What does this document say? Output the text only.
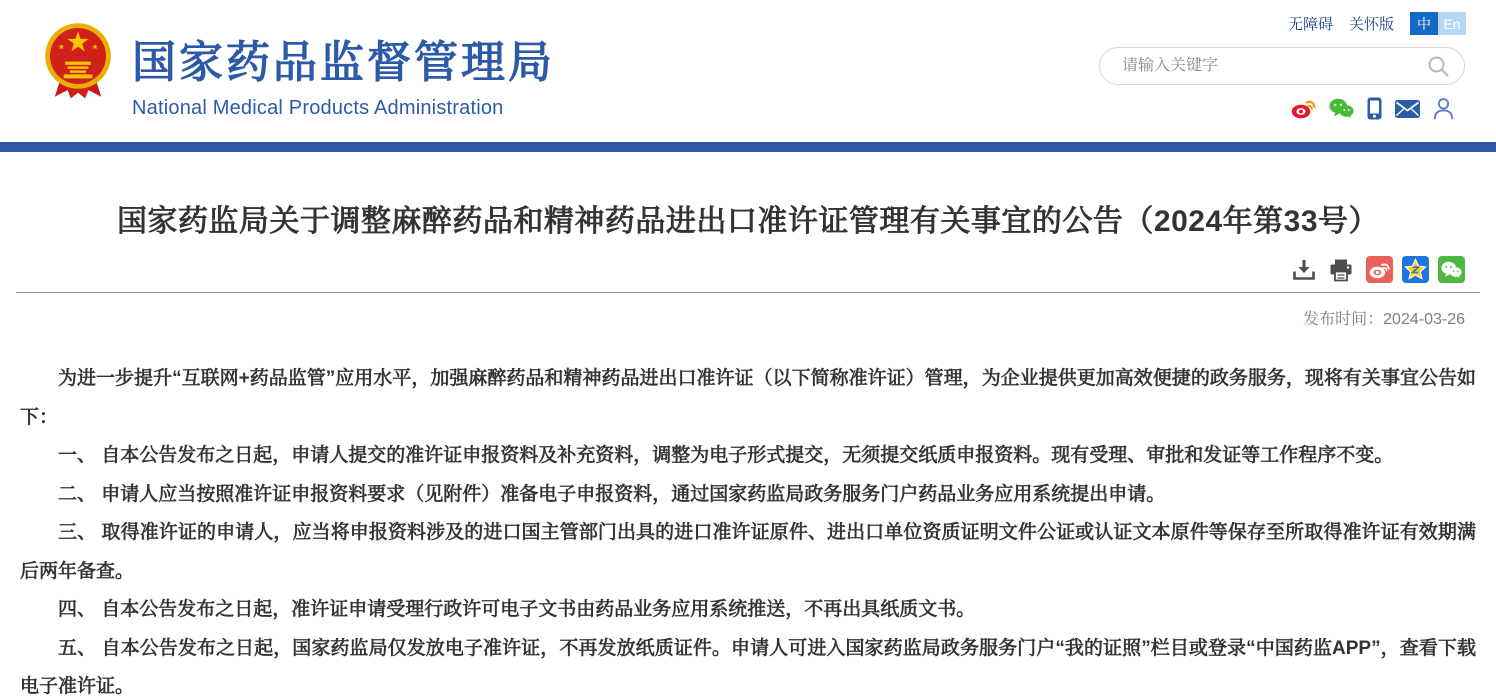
国家药品监督管理局
National Medical Products Administration
无障碍 关怀版	中 En
请输入关键字
国家药监局关于调整麻醉药品和精神药品进出口准许证管理有关事宜的公告（2024年第33号）
发布时间：2024-03-26

为进一步提升“互联网+药品监管”应用水平，加强麻醉药品和精神药品进出口准许证（以下简称准许证）管理，为企业提供更加高效便捷的政务服务，现将有关事宜公告如下：

一、 自本公告发布之日起，申请人提交的准许证申报资料及补充资料，调整为电子形式提交，无须提交纸质申报资料。现有受理、审批和发证等工作程序不变。

二、 申请人应当按照准许证申报资料要求（见附件）准备电子申报资料，通过国家药监局政务服务门户药品业务应用系统提出申请。

三、 取得准许证的申请人，应当将申报资料涉及的进口国主管部门出具的进口准许证原件、进出口单位资质证明文件公证或认证文本原件等保存至所取得准许证有效期满后两年备查。

四、 自本公告发布之日起，准许证申请受理行政许可电子文书由药品业务应用系统推送，不再出具纸质文书。

五、 自本公告发布之日起，国家药监局仅发放电子准许证，不再发放纸质证件。申请人可进入国家药监局政务服务门户“我的证照”栏目或登录“中国药监APP”，查看下载电子准许证。
